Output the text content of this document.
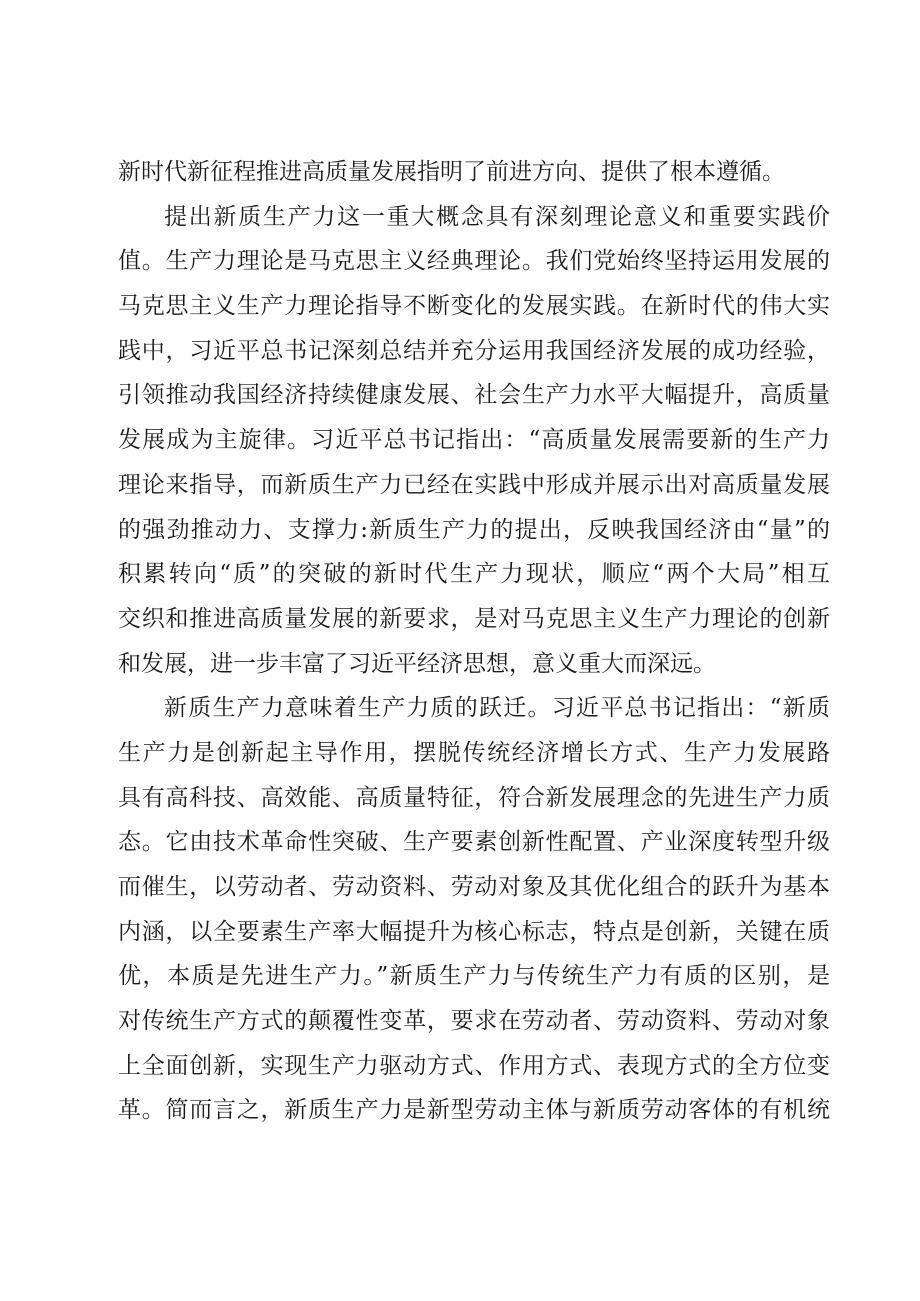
新时代新征程推进高质量发展指明了前进方向、提供了根本遵循。
提出新质生产力这一重大概念具有深刻理论意义和重要实践价
值。生产力理论是马克思主义经典理论。我们党始终坚持运用发展的
马克思主义生产力理论指导不断变化的发展实践。在新时代的伟大实
践中，习近平总书记深刻总结并充分运用我国经济发展的成功经验，
引领推动我国经济持续健康发展、社会生产力水平大幅提升，高质量
发展成为主旋律。习近平总书记指出：“高质量发展需要新的生产力
理论来指导，而新质生产力已经在实践中形成并展示出对高质量发展
的强劲推动力、支撑力:新质生产力的提出，反映我国经济由“量”的
积累转向“质”的突破的新时代生产力现状，顺应“两个大局”相互
交织和推进高质量发展的新要求，是对马克思主义生产力理论的创新
和发展，进一步丰富了习近平经济思想，意义重大而深远。
新质生产力意味着生产力质的跃迁。习近平总书记指出：“新质
生产力是创新起主导作用，摆脱传统经济增长方式、生产力发展路
具有高科技、高效能、高质量特征，符合新发展理念的先进生产力质
态。它由技术革命性突破、生产要素创新性配置、产业深度转型升级
而催生，以劳动者、劳动资料、劳动对象及其优化组合的跃升为基本
内涵，以全要素生产率大幅提升为核心标志，特点是创新，关键在质
优，本质是先进生产力。”新质生产力与传统生产力有质的区别，是
对传统生产方式的颠覆性变革，要求在劳动者、劳动资料、劳动对象
上全面创新，实现生产力驱动方式、作用方式、表现方式的全方位变
革。简而言之，新质生产力是新型劳动主体与新质劳动客体的有机统
